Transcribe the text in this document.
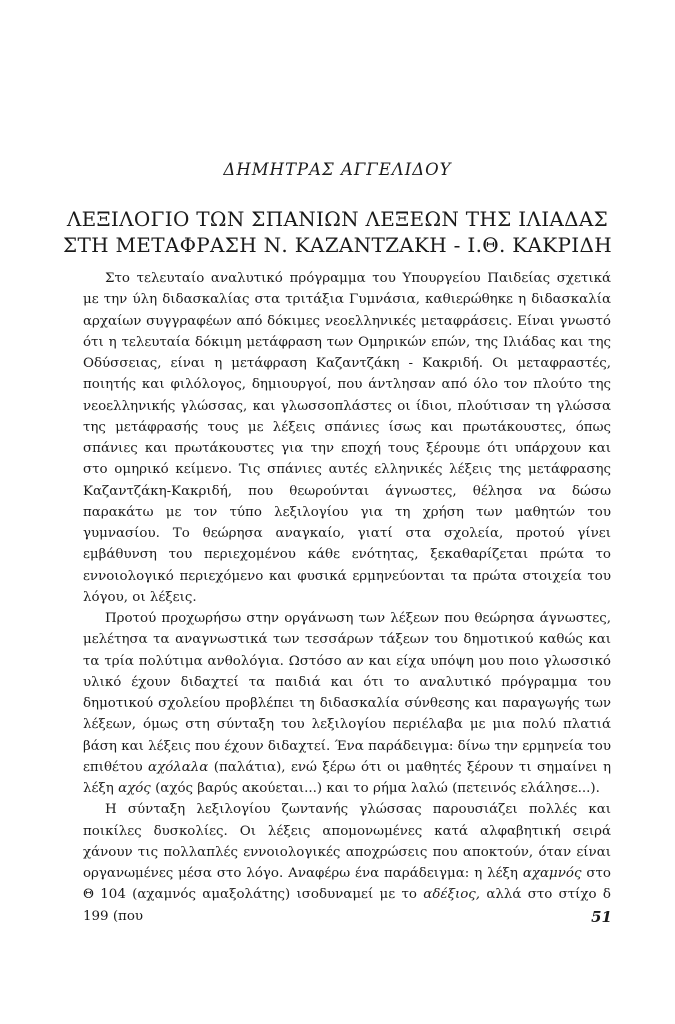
ΔΗΜΗΤΡΑΣ ΑΓΓΕΛΙΔΟΥ
ΛΕΞΙΛΟΓΙΟ ΤΩΝ ΣΠΑΝΙΩΝ ΛΕΞΕΩΝ ΤΗΣ ΙΛΙΑΔΑΣ
ΣΤΗ ΜΕΤΑΦΡΑΣΗ Ν. ΚΑΖΑΝΤΖΑΚΗ - Ι.Θ. ΚΑΚΡΙΔΗ

Στο τελευταίο αναλυτικό πρόγραμμα του Υπουργείου Παιδείας σχετικά με την ύλη διδασκαλίας στα τριτάξια Γυμνάσια, καθιερώθηκε η διδασκαλία αρχαίων συγγραφέων από δόκιμες νεοελληνικές μεταφράσεις. Είναι γνωστό ότι η τελευταία δόκιμη μετάφραση των Ομηρικών επών, της Ιλιάδας και της Οδύσσειας, είναι η μετάφραση Καζαντζάκη - Κακριδή. Οι μεταφραστές, ποιητής και φιλόλογος, δημιουργοί, που άντλησαν από όλο τον πλούτο της νεοελληνικής γλώσσας, και γλωσσοπλάστες οι ίδιοι, πλούτισαν τη γλώσσα της μετάφρασής τους με λέξεις σπάνιες ίσως και πρωτάκουστες, όπως σπάνιες και πρωτάκουστες για την εποχή τους ξέρουμε ότι υπάρχουν και στο ομηρικό κείμενο. Τις σπάνιες αυτές ελληνικές λέξεις της μετάφρασης Καζαντζάκη-Κακριδή, που θεωρούνται άγνωστες, θέλησα να δώσω παρακάτω με τον τύπο λεξιλογίου για τη χρήση των μαθητών του γυμνασίου. Το θεώρησα αναγκαίο, γιατί στα σχολεία, προτού γίνει εμβάθυνση του περιεχομένου κάθε ενότητας, ξεκαθαρίζεται πρώτα το εννοιολογικό περιεχόμενο και φυσικά ερμηνεύονται τα πρώτα στοιχεία του λόγου, οι λέξεις.

Προτού προχωρήσω στην οργάνωση των λέξεων που θεώρησα άγνωστες, μελέτησα τα αναγνωστικά των τεσσάρων τάξεων του δημοτικού καθώς και τα τρία πολύτιμα ανθολόγια. Ωστόσο αν και είχα υπόψη μου ποιο γλωσσικό υλικό έχουν διδαχτεί τα παιδιά και ότι το αναλυτικό πρόγραμμα του δημοτικού σχολείου προβλέπει τη διδασκαλία σύνθεσης και παραγωγής των λέξεων, όμως στη σύνταξη του λεξιλογίου περιέλαβα με μια πολύ πλατιά βάση και λέξεις που έχουν διδαχτεί. Ένα παράδειγμα: δίνω την ερμηνεία του επιθέτου αχόλαλα (παλάτια), ενώ ξέρω ότι οι μαθητές ξέρουν τι σημαίνει η λέξη αχός (αχός βαρύς ακούεται...) και το ρήμα λαλώ (πετεινός ελάλησε...).

Η σύνταξη λεξιλογίου ζωντανής γλώσσας παρουσιάζει πολλές και ποικίλες δυσκολίες. Οι λέξεις απομονωμένες κατά αλφαβητική σειρά χάνουν τις πολλαπλές εννοιολογικές αποχρώσεις που αποκτούν, όταν είναι οργανωμένες μέσα στο λόγο. Αναφέρω ένα παράδειγμα: η λέξη αχαμνός στο Θ 104 (αχαμνός αμαξολάτης) ισοδυναμεί με το αδέξιος, αλλά στο στίχο δ 199 (που	51
